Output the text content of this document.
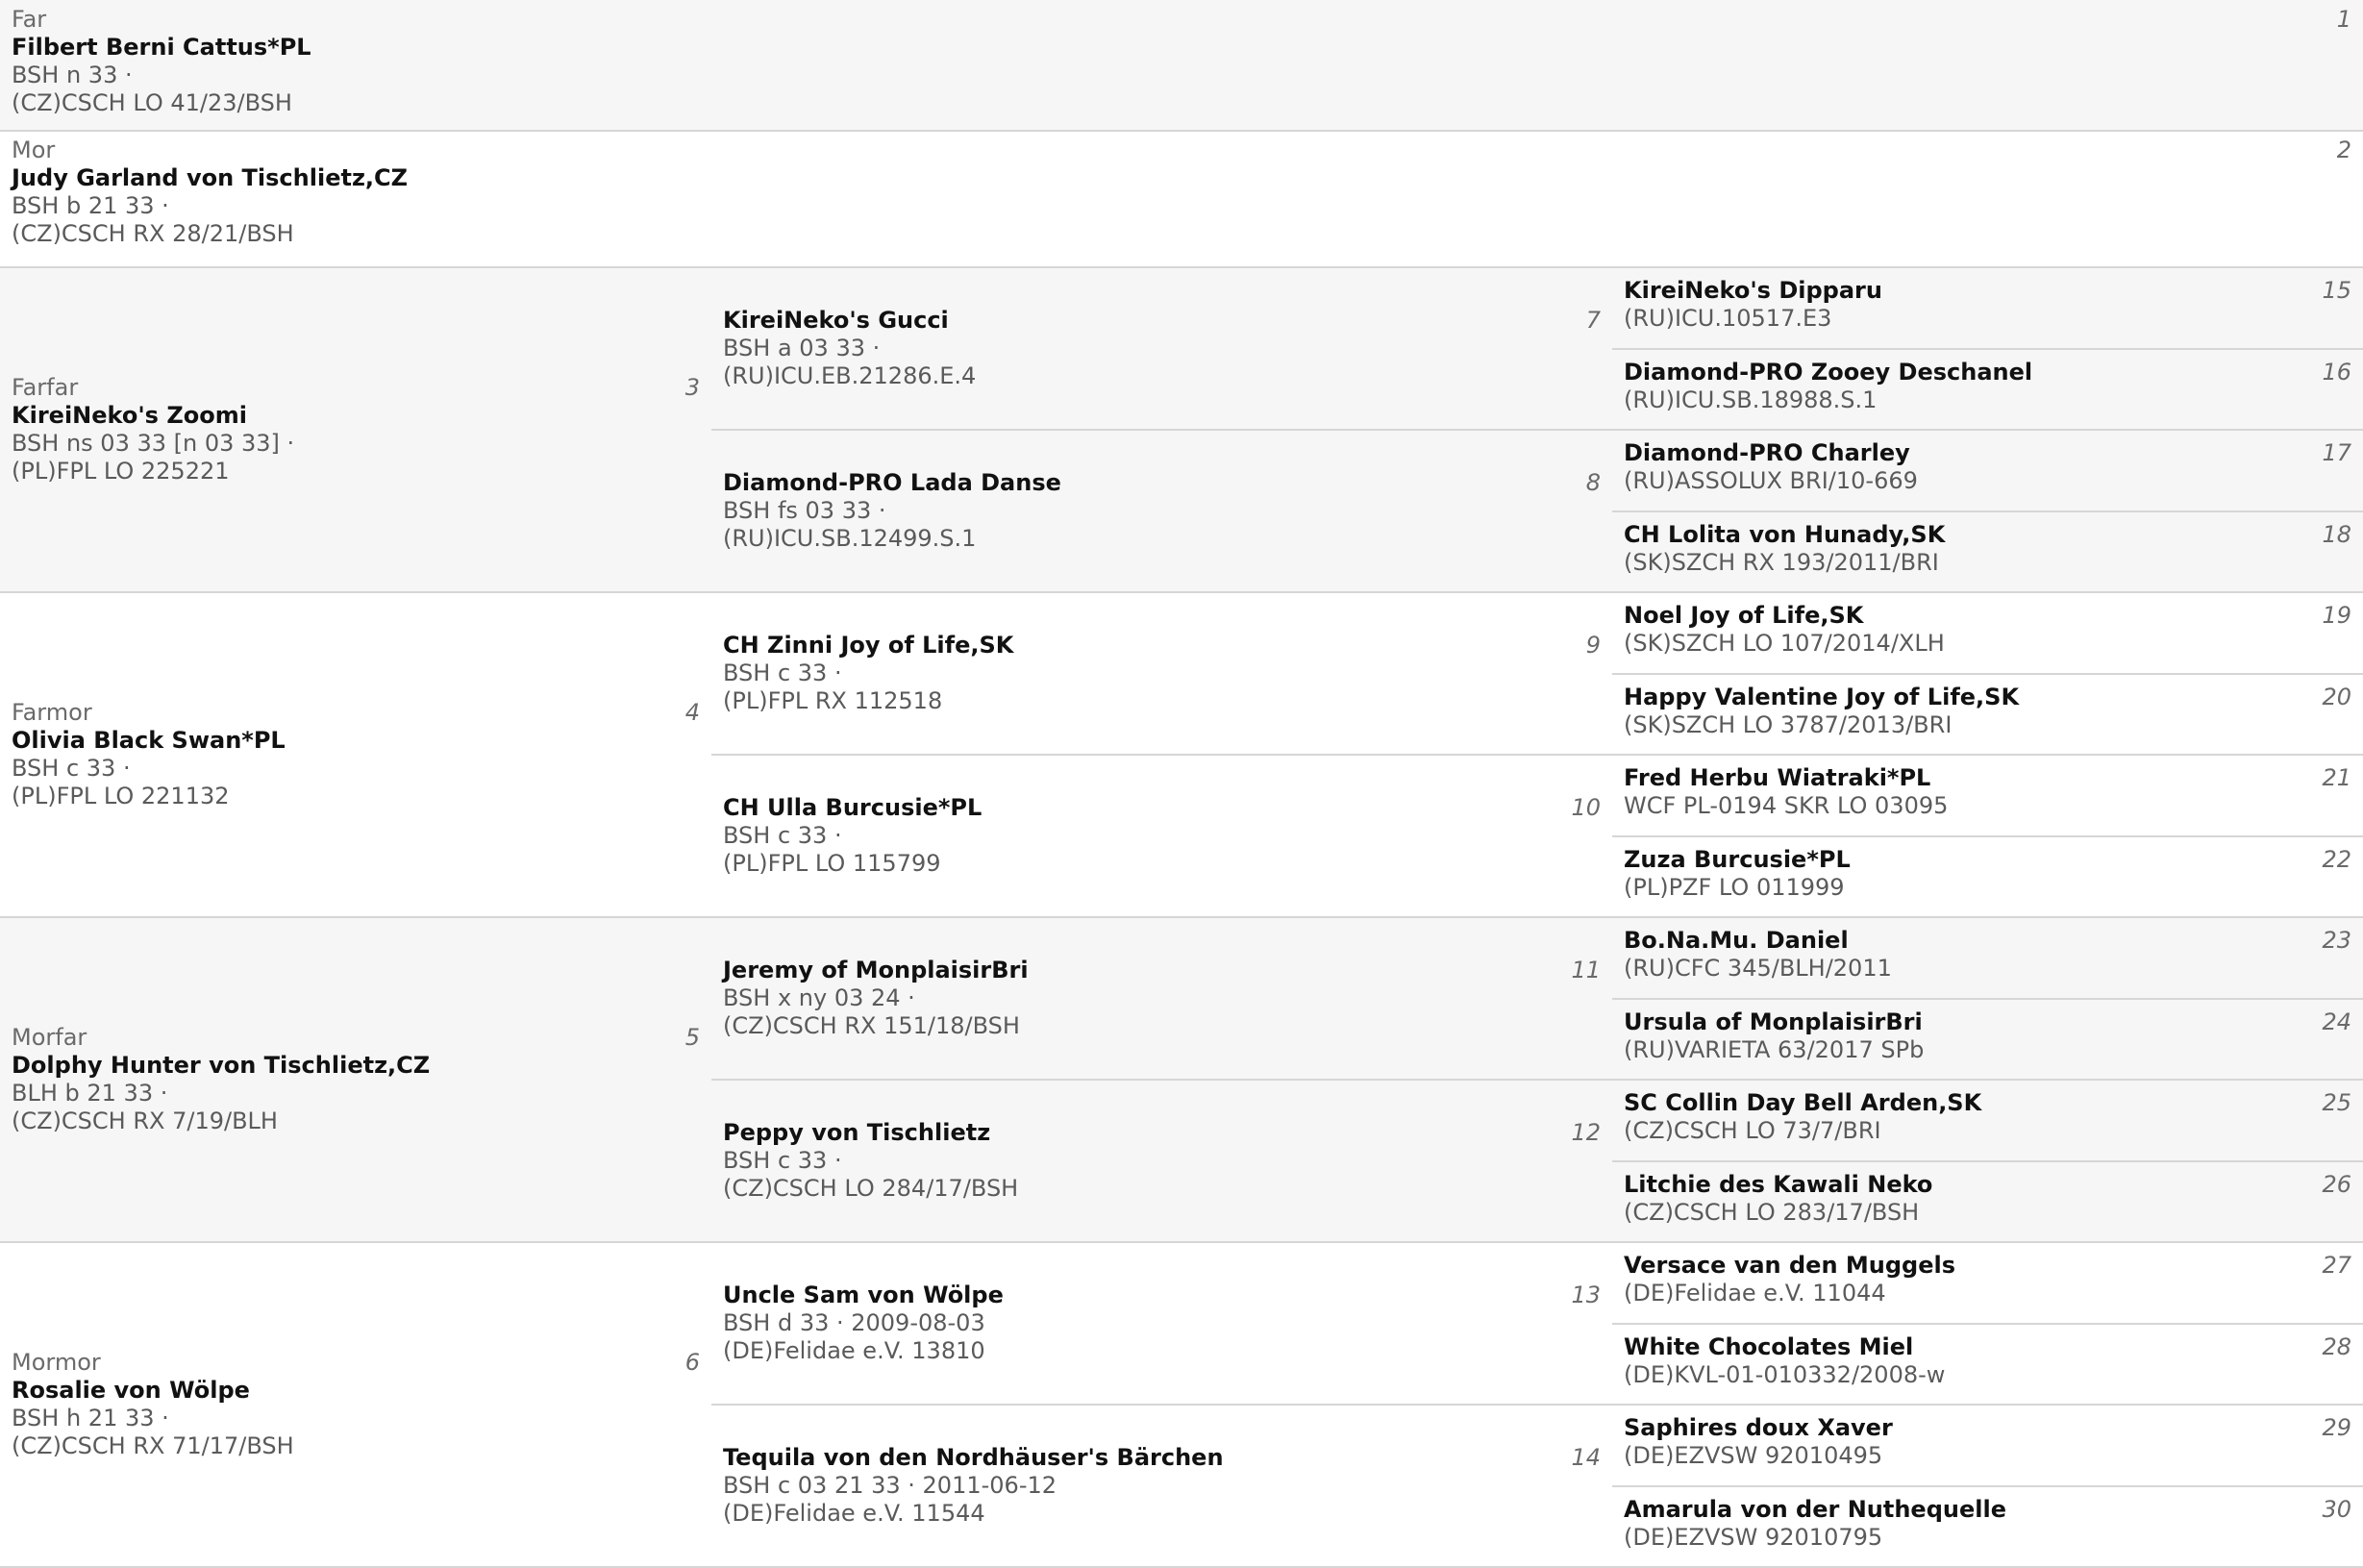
Far
Filbert Berni Cattus*PL
BSH n 33 ·
(CZ)CSCH LO 41/23/BSH
1
Mor
Judy Garland von Tischlietz,CZ
BSH b 21 33 ·
(CZ)CSCH RX 28/21/BSH
2
Farfar
KireiNeko's Zoomi
BSH ns 03 33 [n 03 33] ·
(PL)FPL LO 225221
3
KireiNeko's Gucci
BSH a 03 33 ·
(RU)ICU.EB.21286.E.4
7
Diamond-PRO Lada Danse
BSH fs 03 33 ·
(RU)ICU.SB.12499.S.1
8
KireiNeko's Dipparu
(RU)ICU.10517.E3
15
Diamond-PRO Zooey Deschanel
(RU)ICU.SB.18988.S.1
16
Diamond-PRO Charley
(RU)ASSOLUX BRI/10-669
17
CH Lolita von Hunady,SK
(SK)SZCH RX 193/2011/BRI
18
Farmor
Olivia Black Swan*PL
BSH c 33 ·
(PL)FPL LO 221132
4
CH Zinni Joy of Life,SK
BSH c 33 ·
(PL)FPL RX 112518
9
CH Ulla Burcusie*PL
BSH c 33 ·
(PL)FPL LO 115799
10
Noel Joy of Life,SK
(SK)SZCH LO 107/2014/XLH
19
Happy Valentine Joy of Life,SK
(SK)SZCH LO 3787/2013/BRI
20
Fred Herbu Wiatraki*PL
WCF PL-0194 SKR LO 03095
21
Zuza Burcusie*PL
(PL)PZF LO 011999
22
Morfar
Dolphy Hunter von Tischlietz,CZ
BLH b 21 33 ·
(CZ)CSCH RX 7/19/BLH
5
Jeremy of MonplaisirBri
BSH x ny 03 24 ·
(CZ)CSCH RX 151/18/BSH
11
Peppy von Tischlietz
BSH c 33 ·
(CZ)CSCH LO 284/17/BSH
12
Bo.Na.Mu. Daniel
(RU)CFC 345/BLH/2011
23
Ursula of MonplaisirBri
(RU)VARIETA 63/2017 SPb
24
SC Collin Day Bell Arden,SK
(CZ)CSCH LO 73/7/BRI
25
Litchie des Kawali Neko
(CZ)CSCH LO 283/17/BSH
26
Mormor
Rosalie von Wölpe
BSH h 21 33 ·
(CZ)CSCH RX 71/17/BSH
6
Uncle Sam von Wölpe
BSH d 33 · 2009-08-03
(DE)Felidae e.V. 13810
13
Tequila von den Nordhäuser's Bärchen
BSH c 03 21 33 · 2011-06-12
(DE)Felidae e.V. 11544
14
Versace van den Muggels
(DE)Felidae e.V. 11044
27
White Chocolates Miel
(DE)KVL-01-010332/2008-w
28
Saphires doux Xaver
(DE)EZVSW 92010495
29
Amarula von der Nuthequelle
(DE)EZVSW 92010795
30
